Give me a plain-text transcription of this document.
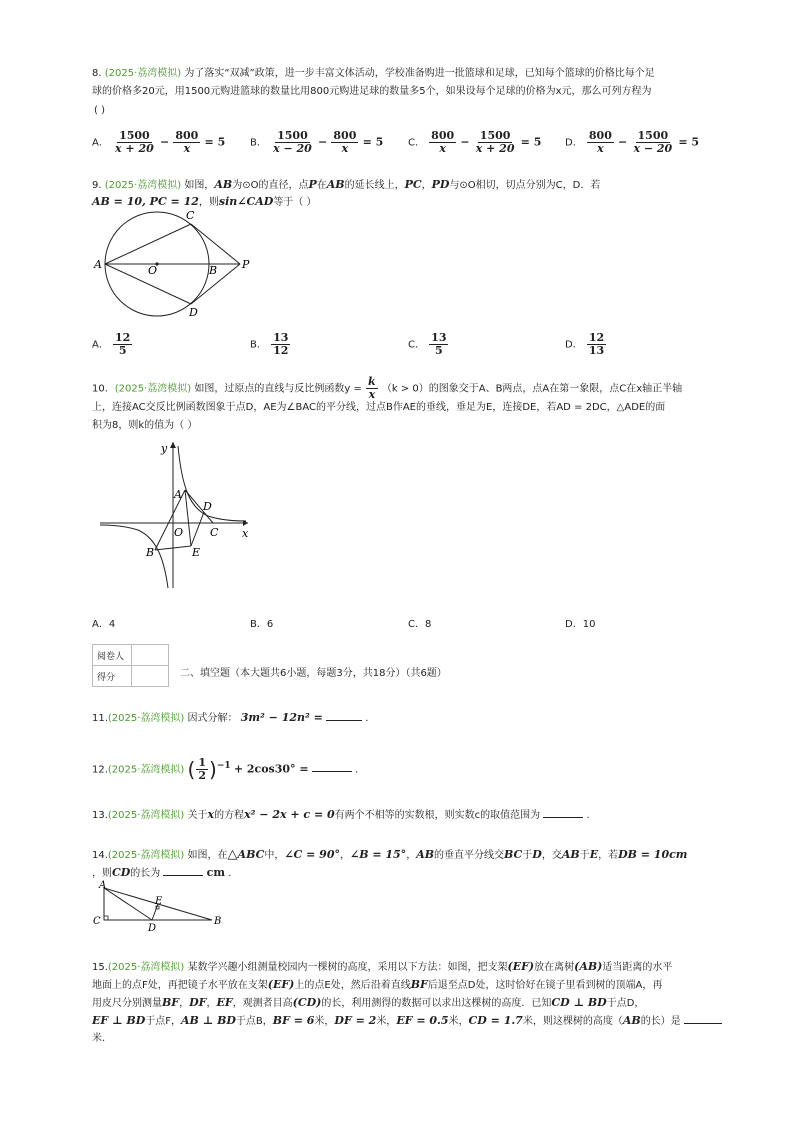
8. (2025·荔湾模拟) 为了落实“双减”政策，进一步丰富文体活动，学校准备购进一批篮球和足球，已知每个篮球的价格比每个足
球的价格多20元，用1500元购进篮球的数量比用800元购进足球的数量多5个，如果设每个足球的价格为x元，那么可列方程为
( )
A． $\frac{1500}{x + 20} - \frac{800}{x} = 5$ B． $\frac{1500}{x - 20} - \frac{800}{x} = 5$ C． $\frac{800}{x} - \frac{1500}{x + 20} = 5$ D． $\frac{800}{x} - \frac{1500}{x - 20} = 5$
9. (2025·荔湾模拟) 如图，AB为⊙O的直径，点P在AB的延长线上，PC，PD与⊙O相切，切点分别为C，D．若
AB = 10, PC = 12，则sin∠CAD等于（ ）
A
C
O	B P
D
A． $\frac{12}{5}$	B． $\frac{13}{12}$	C． $\frac{13}{5}$	D． $\frac{12}{13}$
10．(2025·荔湾模拟) 如图，过原点的直线与反比例函数$y = \frac{k}{x} (k > 0)$的图象交于A、B两点，点A在第一象限，点C在x轴正半轴
上，连接AC交反比例函数图象于点D，AE为∠BAC的平分线，过点B作AE的垂线，垂足为E，连接DE，若AD = 2DC，△ADE的面
积为8，则k的值为（ ）
y
x
A
D
O C
B	E
A．4	B．6	C．8	D．10
阅卷人	
得分		二、填空题（本大题共6小题，每题3分，共18分）（共6题）
11.(2025·荔湾模拟) 因式分解： 3m² − 12n² =	.
12.(2025·荔湾模拟) ( $\frac{1}{2} )^{-1} + 2\cos 30^\circ$ =	.
13.(2025·荔湾模拟) 关于x的方程x² − 2x + c = 0有两个不相等的实数根，则实数c的取值范围为	.
14.(2025·荔湾模拟) 如图，在△ABC中，∠C = 90°，∠B = 15°，AB的垂直平分线交BC于D，交AB于E，若DB = 10cm
，则CD的长为	cm .
A
C
D
E
B
15.(2025·荔湾模拟) 某数学兴趣小组测量校园内一棵树的高度，采用以下方法：如图，把支架(EF)放在离树(AB)适当距离的水平
地面上的点F处，再把镜子水平放在支架(EF)上的点E处，然后沿着直线BF后退至点D处，这时恰好在镜子里看到树的顶端A，再
用皮尺分别测量BF，DF，EF，观测者目高(CD)的长，利用测得的数据可以求出这棵树的高度．已知CD ⊥ BD于点D，
EF ⊥ BD于点F，AB ⊥ BD于点B，BF = 6米，DF = 2米，EF = 0.5米，CD = 1.7米，则这棵树的高度（AB的长）是
米.
